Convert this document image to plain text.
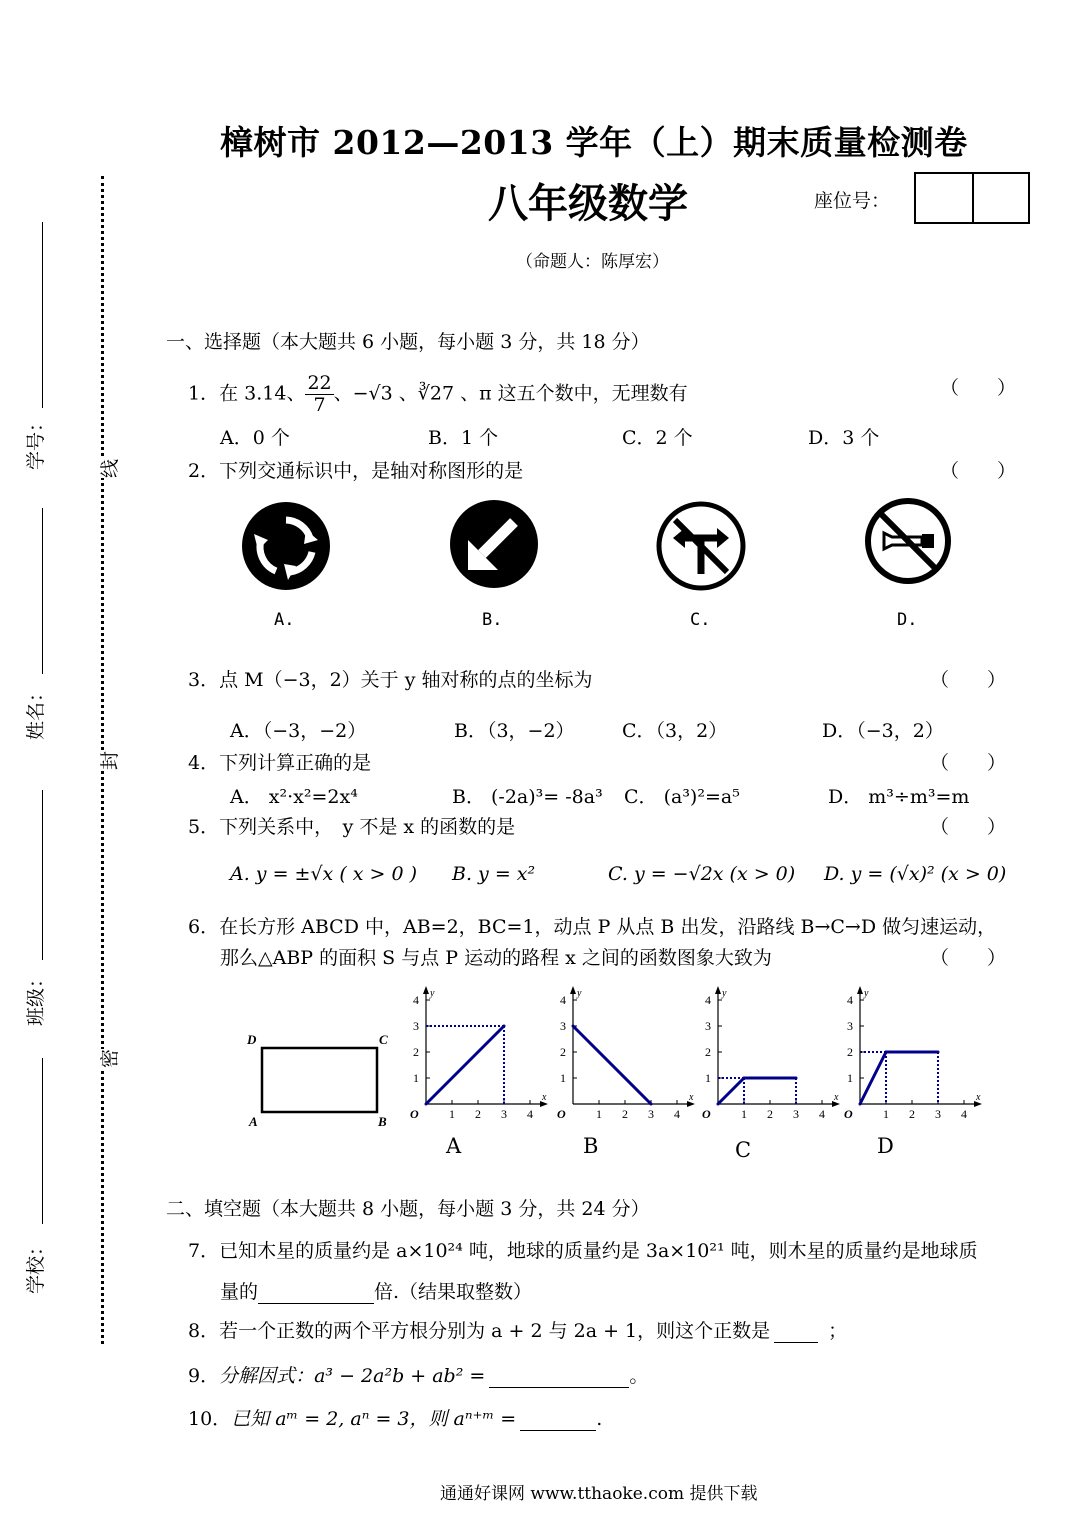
樟树市 2012—2013 学年（上）期末质量检测卷
八年级数学	座位号：
（命题人：陈厚宏）
学号：
姓名：
班级：
学校：
线
封
密
一、选择题（本大题共 6 小题，每小题 3 分，共 18 分）
1．在 3.14、 $\frac{22}{7}$ 、−√3 、∛27 、π 这五个数中，无理数有	（　　）
A．0 个	B．1 个	C．2 个	D．3 个
2．下列交通标识中，是轴对称图形的是	（　　）
A.	B.	C.	D.
3．点 M（−3，2）关于 y 轴对称的点的坐标为	（　　）
A．（−3，−2）	B．（3，−2） C．（3，2）	D．（−3，2）
4．下列计算正确的是	（　　）
A． x²·x²=2x⁴	B． (-2a)³= -8a³ C． (a³)²=a⁵	D． m³÷m³=m
5．下列关系中，　y 不是 x 的函数的是	（　　）
A. y = ±√x ( x > 0 ) B. y = x²	C. y = −√2x (x > 0) D. y = (√x)² (x > 0)
6．在长方形 ABCD 中，AB=2，BC=1，动点 P 从点 B 出发，沿路线 B→C→D 做匀速运动，
那么△ABP 的面积 S 与点 P 运动的路程 x 之间的函数图象大致为	（　　）
D	C
A	B	1 2 3 4
1
2
3
4
O
x
y
1 2 3 4
1
2
3
4
O
x
y
1 2 3 4
1
2
3
4
O
x
y
1 2 3 4
1
2
3
4
O
x
y
A	B	C	D
二、填空题（本大题共 8 小题，每小题 3 分，共 24 分）
7．已知木星的质量约是 a×10²⁴ 吨，地球的质量约是 3a×10²¹ 吨，则木星的质量约是地球质
量的	倍.（结果取整数）
8．若一个正数的两个平方根分别为 a + 2 与 2a + 1，则这个正数是	；
9．分解因式：a³ − 2a²b + ab² =	。
10．已知 aᵐ = 2, aⁿ = 3，则 aⁿ⁺ᵐ =	.
通通好课网 www.tthaoke.com 提供下载
